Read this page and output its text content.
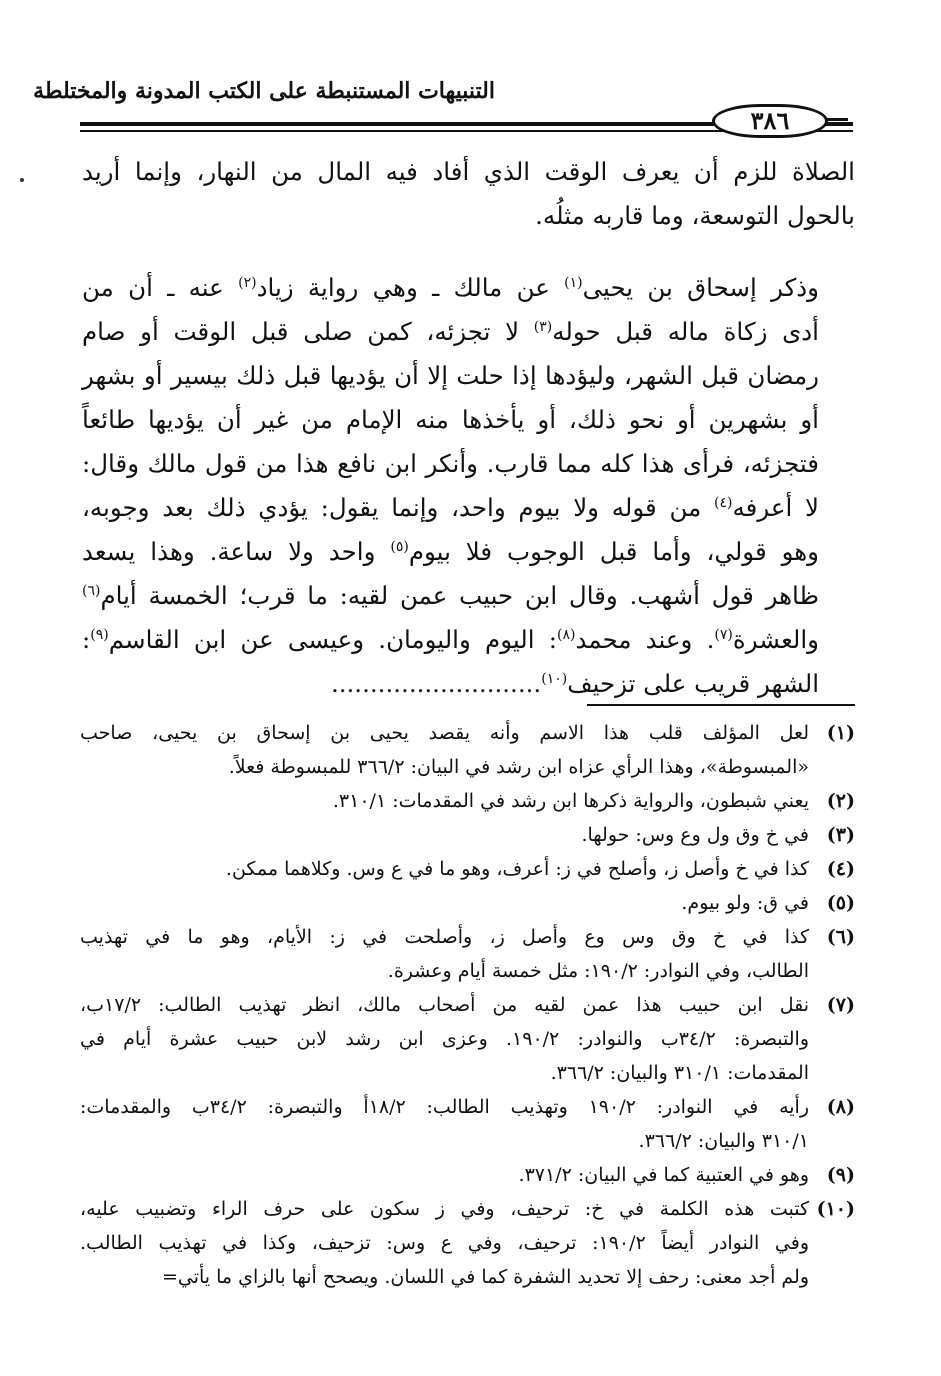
التنبيهات المستنبطة على الكتب المدونة والمختلطة
٣٨٦

الصلاة للزم أن يعرف الوقت الذي أفاد فيه المال من النهار، وإنما أريد
بالحول التوسعة، وما قاربه مثلُه.

وذكر إسحاق بن يحيى$^{(١)}$ عن مالك ـ وهي رواية زياد$^{(٢)}$ عنه ـ أن من
أدى زكاة ماله قبل حوله$^{(٣)}$ لا تجزئه، كمن صلى قبل الوقت أو صام
رمضان قبل الشهر، وليؤدها إذا حلت إلا أن يؤديها قبل ذلك بيسير أو بشهر
أو بشهرين أو نحو ذلك، أو يأخذها منه الإمام من غير أن يؤديها طائعاً
فتجزئه، فرأى هذا كله مما قارب. وأنكر ابن نافع هذا من قول مالك وقال:
لا أعرفه$^{(٤)}$ من قوله ولا بيوم واحد، وإنما يقول: يؤدي ذلك بعد وجوبه،
وهو قولي، وأما قبل الوجوب فلا بيوم$^{(٥)}$ واحد ولا ساعة. وهذا يسعد
ظاهر قول أشهب. وقال ابن حبيب عمن لقيه: ما قرب؛ الخمسة أيام$^{(٦)}$
والعشرة$^{(٧)}$. وعند محمد$^{(٨)}$: اليوم واليومان. وعيسى عن ابن القاسم$^{(٩)}$:
الشهر قريب على تزحيف$^{(١٠)}$...........................

(١)
لعل المؤلف قلب هذا الاسم وأنه يقصد يحيى بن إسحاق بن يحيى، صاحب
«المبسوطة»، وهذا الرأي عزاه ابن رشد في البيان: ٣٦٦/٢ للمبسوطة فعلاً.
(٢)
يعني شبطون، والرواية ذكرها ابن رشد في المقدمات: ٣١٠/١.
(٣)
في خ وق ول وع وس: حولها.
(٤)
كذا في خ وأصل ز، وأصلح في ز: أعرف، وهو ما في ع وس. وكلاهما ممكن.
(٥)
في ق: ولو بيوم.
(٦)
كذا في خ وق وس وع وأصل ز، وأصلحت في ز: الأيام، وهو ما في تهذيب
الطالب، وفي النوادر: ١٩٠/٢: مثل خمسة أيام وعشرة.
(٧)
نقل ابن حبيب هذا عمن لقيه من أصحاب مالك، انظر تهذيب الطالب: ١٧/٢ب،
والتبصرة: ٣٤/٢ب والنوادر: ١٩٠/٢. وعزى ابن رشد لابن حبيب عشرة أيام في
المقدمات: ٣١٠/١ والبيان: ٣٦٦/٢.
(٨)
رأيه في النوادر: ١٩٠/٢ وتهذيب الطالب: ١٨/٢أ والتبصرة: ٣٤/٢ب والمقدمات:
٣١٠/١ والبيان: ٣٦٦/٢.
(٩)
وهو في العتبية كما في البيان: ٣٧١/٢.
(١٠)
كتبت هذه الكلمة في خ: ترحيف، وفي ز سكون على حرف الراء وتضبيب عليه،
وفي النوادر أيضاً ١٩٠/٢: ترحيف، وفي ع وس: تزحيف، وكذا في تهذيب الطالب.
ولم أجد معنى: رحف إلا تحديد الشفرة كما في اللسان. ويصحح أنها بالزاي ما يأتي=
